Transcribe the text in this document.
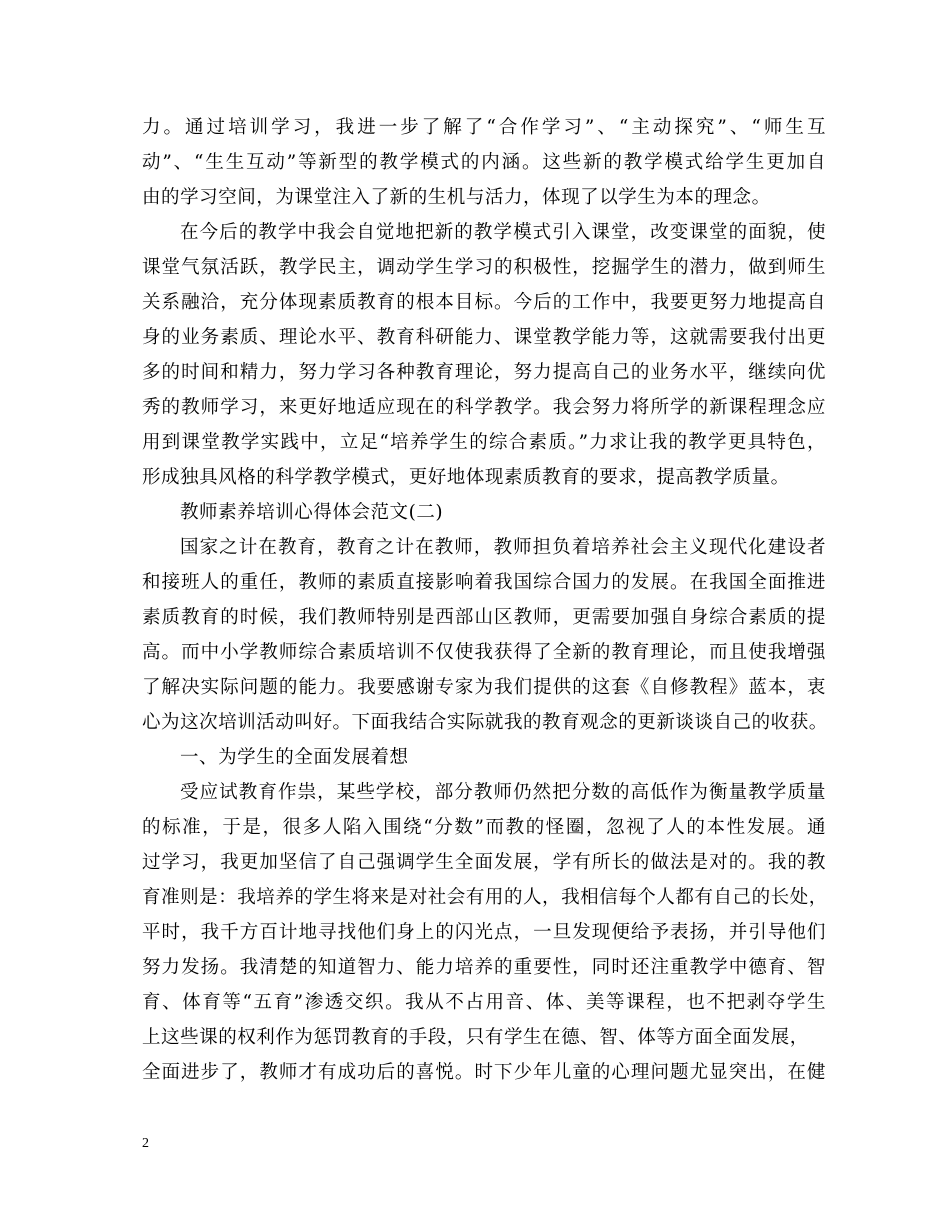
力。通过培训学习，我进一步了解了“合作学习”、“主动探究”、“师生互
动”、“生生互动”等新型的教学模式的内涵。这些新的教学模式给学生更加自
由的学习空间，为课堂注入了新的生机与活力，体现了以学生为本的理念。
在今后的教学中我会自觉地把新的教学模式引入课堂，改变课堂的面貌，使
课堂气氛活跃，教学民主，调动学生学习的积极性，挖掘学生的潜力，做到师生
关系融洽，充分体现素质教育的根本目标。今后的工作中，我要更努力地提高自
身的业务素质、理论水平、教育科研能力、课堂教学能力等，这就需要我付出更
多的时间和精力，努力学习各种教育理论，努力提高自己的业务水平，继续向优
秀的教师学习，来更好地适应现在的科学教学。我会努力将所学的新课程理念应
用到课堂教学实践中，立足“培养学生的综合素质。”力求让我的教学更具特色，
形成独具风格的科学教学模式，更好地体现素质教育的要求，提高教学质量。
教师素养培训心得体会范文(二)
国家之计在教育，教育之计在教师，教师担负着培养社会主义现代化建设者
和接班人的重任，教师的素质直接影响着我国综合国力的发展。在我国全面推进
素质教育的时候，我们教师特别是西部山区教师，更需要加强自身综合素质的提
高。而中小学教师综合素质培训不仅使我获得了全新的教育理论，而且使我增强
了解决实际问题的能力。我要感谢专家为我们提供的这套《自修教程》蓝本，衷
心为这次培训活动叫好。下面我结合实际就我的教育观念的更新谈谈自己的收获。
一、为学生的全面发展着想
受应试教育作祟，某些学校，部分教师仍然把分数的高低作为衡量教学质量
的标准，于是，很多人陷入围绕“分数”而教的怪圈，忽视了人的本性发展。通
过学习，我更加坚信了自己强调学生全面发展，学有所长的做法是对的。我的教
育准则是：我培养的学生将来是对社会有用的人，我相信每个人都有自己的长处，
平时，我千方百计地寻找他们身上的闪光点，一旦发现便给予表扬，并引导他们
努力发扬。我清楚的知道智力、能力培养的重要性，同时还注重教学中德育、智
育、体育等“五育”渗透交织。我从不占用音、体、美等课程，也不把剥夺学生
上这些课的权利作为惩罚教育的手段，只有学生在德、智、体等方面全面发展，
全面进步了，教师才有成功后的喜悦。时下少年儿童的心理问题尤显突出，在健
2
